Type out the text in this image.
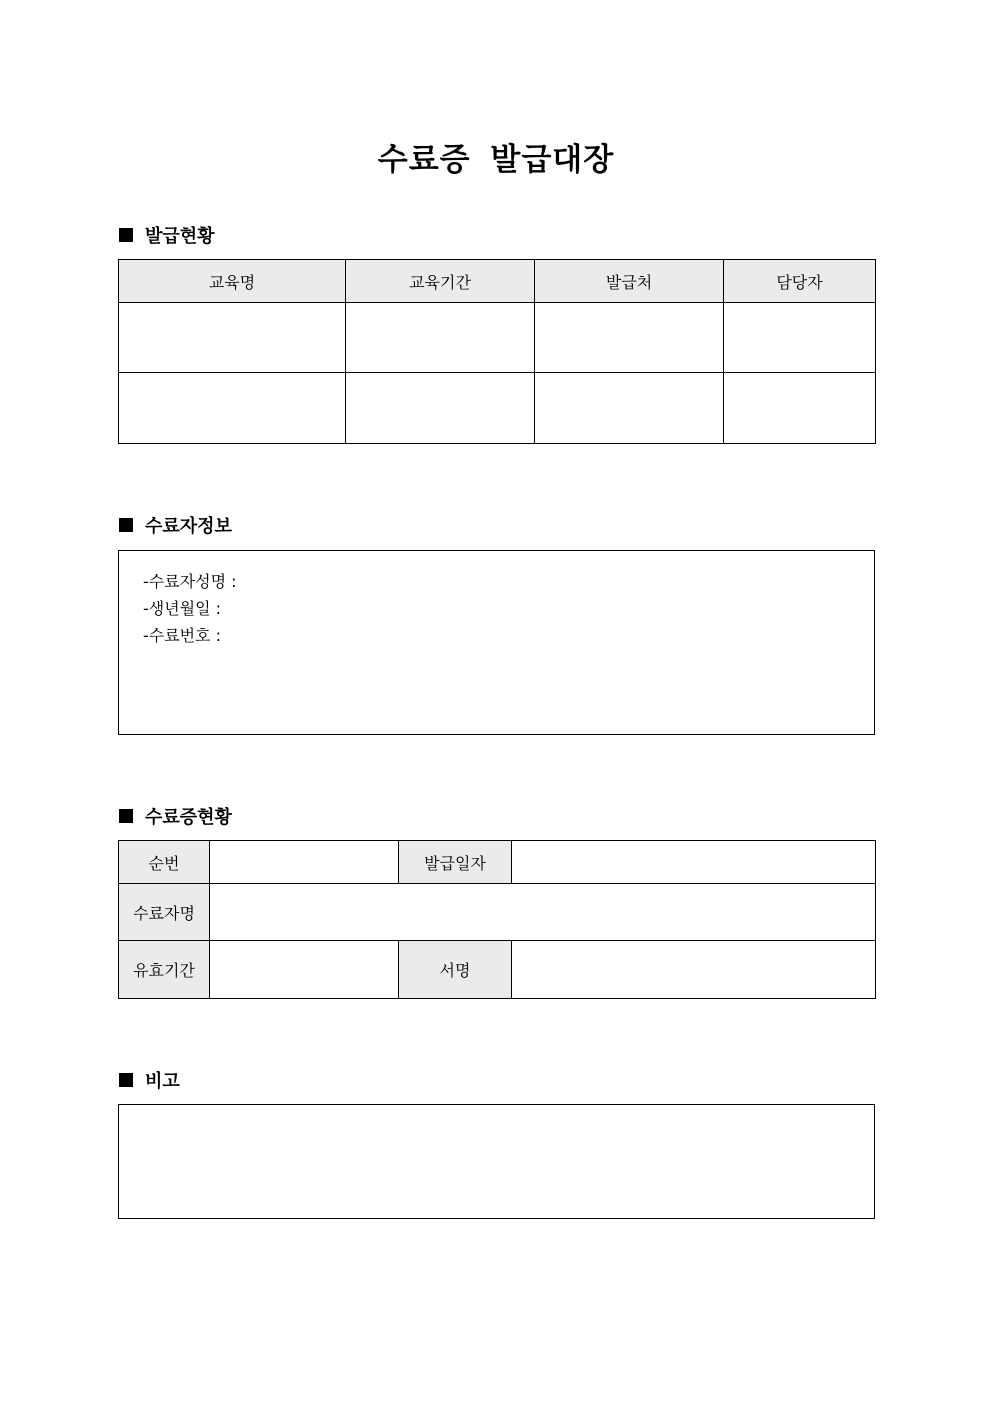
수료증 발급대장
발급현황
교육명	교육기간	발급처	담당자

수료자정보
-수료자성명 :
-생년월일 :
-수료번호 :
수료증현황
순번		발급일자	
수료자명			
유효기간		서명	
비고
